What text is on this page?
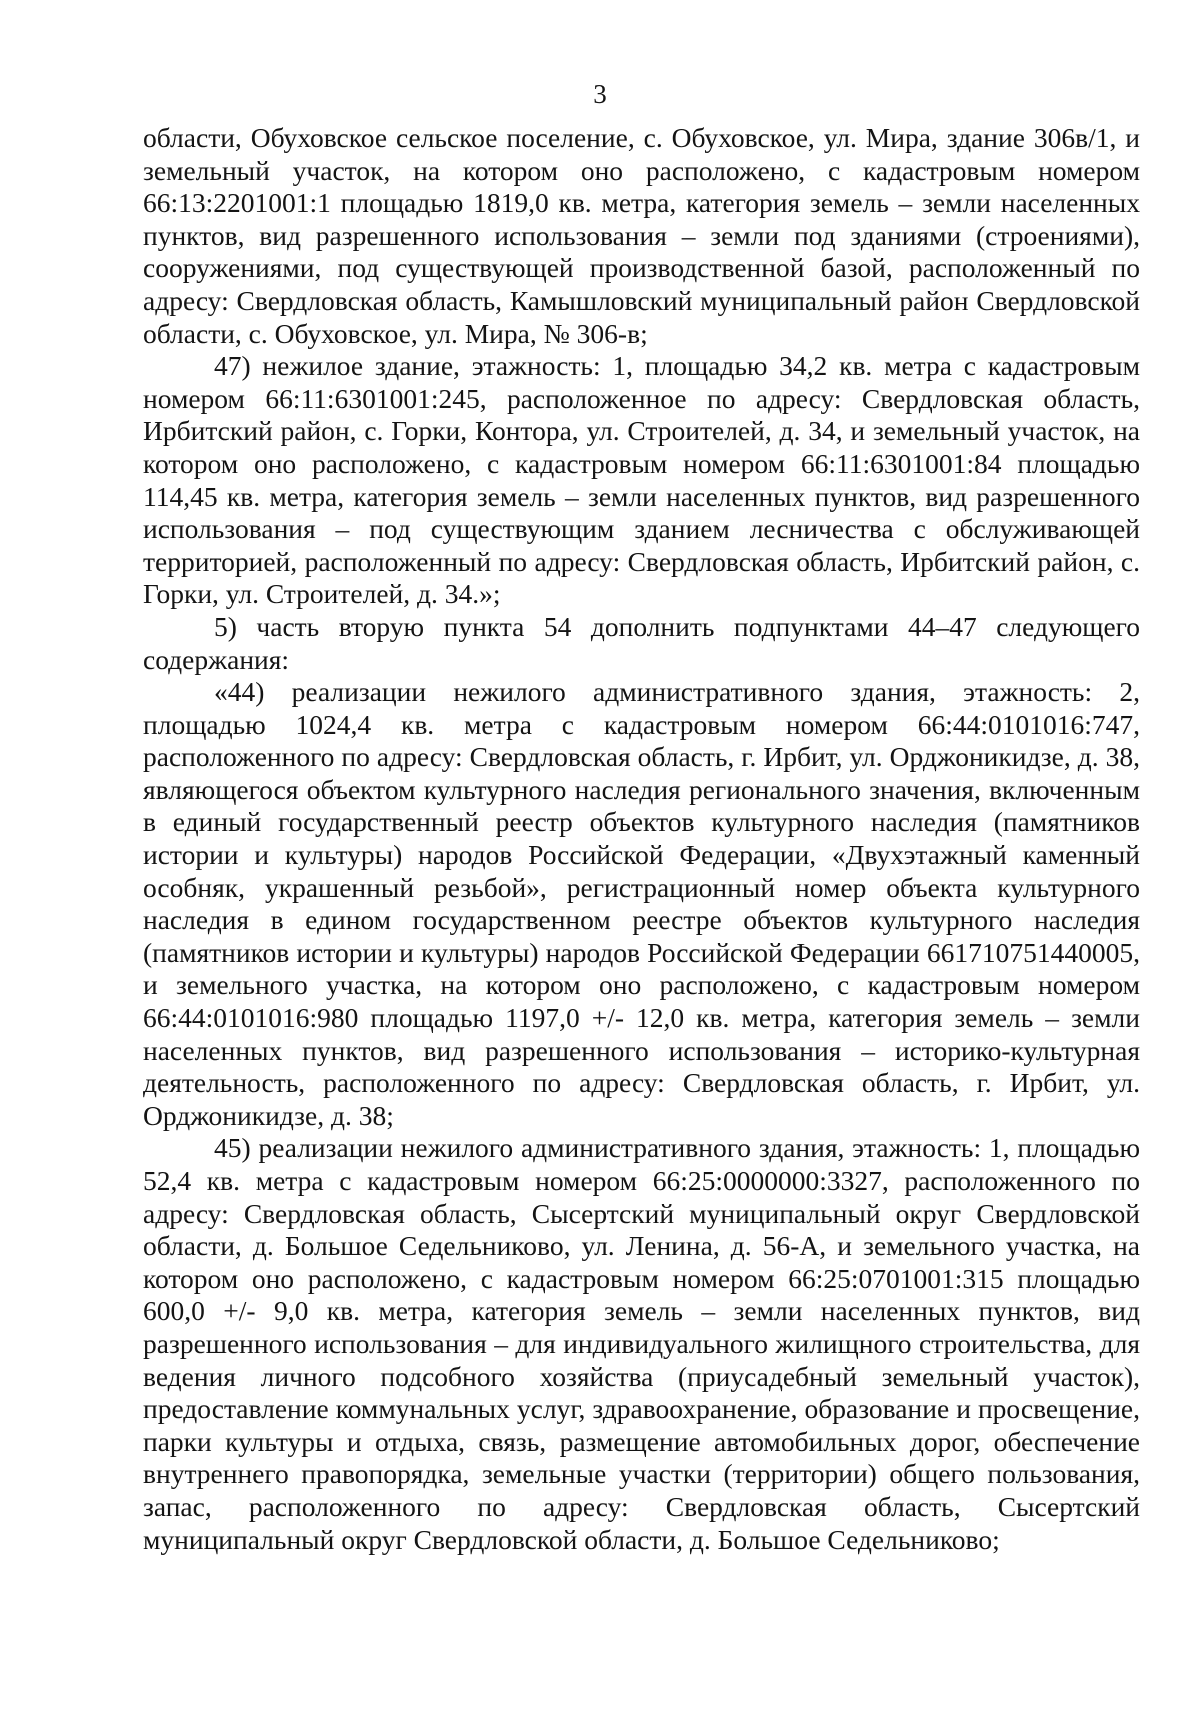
3

области, Обуховское сельское поселение, с. Обуховское, ул. Мира, здание 306в/1, и земельный участок, на котором оно расположено, с кадастровым номером 66:13:2201001:1 площадью 1819,0 кв. метра, категория земель – земли населенных пунктов, вид разрешенного использования – земли под зданиями (строениями), сооружениями, под существующей производственной базой, расположенный по адресу: Свердловская область, Камышловский муниципальный район Свердловской области, с. Обуховское, ул. Мира, № 306-в;

47) нежилое здание, этажность: 1, площадью 34,2 кв. метра с кадастровым номером 66:11:6301001:245, расположенное по адресу: Свердловская область, Ирбитский район, с. Горки, Контора, ул. Строителей, д. 34, и земельный участок, на котором оно расположено, с кадастровым номером 66:11:6301001:84 площадью 114,45 кв. метра, категория земель – земли населенных пунктов, вид разрешенного использования – под существующим зданием лесничества с обслуживающей территорией, расположенный по адресу: Свердловская область, Ирбитский район, с. Горки, ул. Строителей, д. 34.»;

5) часть вторую пункта 54 дополнить подпунктами 44–47 следующего содержания:

«44) реализации нежилого административного здания, этажность: 2, площадью 1024,4 кв. метра с кадастровым номером 66:44:0101016:747, расположенного по адресу: Свердловская область, г. Ирбит, ул. Орджоникидзе, д. 38, являющегося объектом культурного наследия регионального значения, включенным в единый государственный реестр объектов культурного наследия (памятников истории и культуры) народов Российской Федерации, «Двухэтажный каменный особняк, украшенный резьбой», регистрационный номер объекта культурного наследия в едином государственном реестре объектов культурного наследия (памятников истории и культуры) народов Российской Федерации 661710751440005, и земельного участка, на котором оно расположено, с кадастровым номером 66:44:0101016:980 площадью 1197,0 +/- 12,0 кв. метра, категория земель – земли населенных пунктов, вид разрешенного использования – историко-культурная деятельность, расположенного по адресу: Свердловская область, г. Ирбит, ул. Орджоникидзе, д. 38;

45) реализации нежилого административного здания, этажность: 1, площадью 52,4 кв. метра с кадастровым номером 66:25:0000000:3327, расположенного по адресу: Свердловская область, Сысертский муниципальный округ Свердловской области, д. Большое Седельниково, ул. Ленина, д. 56-А, и земельного участка, на котором оно расположено, с кадастровым номером 66:25:0701001:315 площадью 600,0 +/- 9,0 кв. метра, категория земель – земли населенных пунктов, вид разрешенного использования – для индивидуального жилищного строительства, для ведения личного подсобного хозяйства (приусадебный земельный участок), предоставление коммунальных услуг, здравоохранение, образование и просвещение, парки культуры и отдыха, связь, размещение автомобильных дорог, обеспечение внутреннего правопорядка, земельные участки (территории) общего пользования, запас, расположенного по адресу: Свердловская область, Сысертский муниципальный округ Свердловской области, д. Большое Седельниково;
